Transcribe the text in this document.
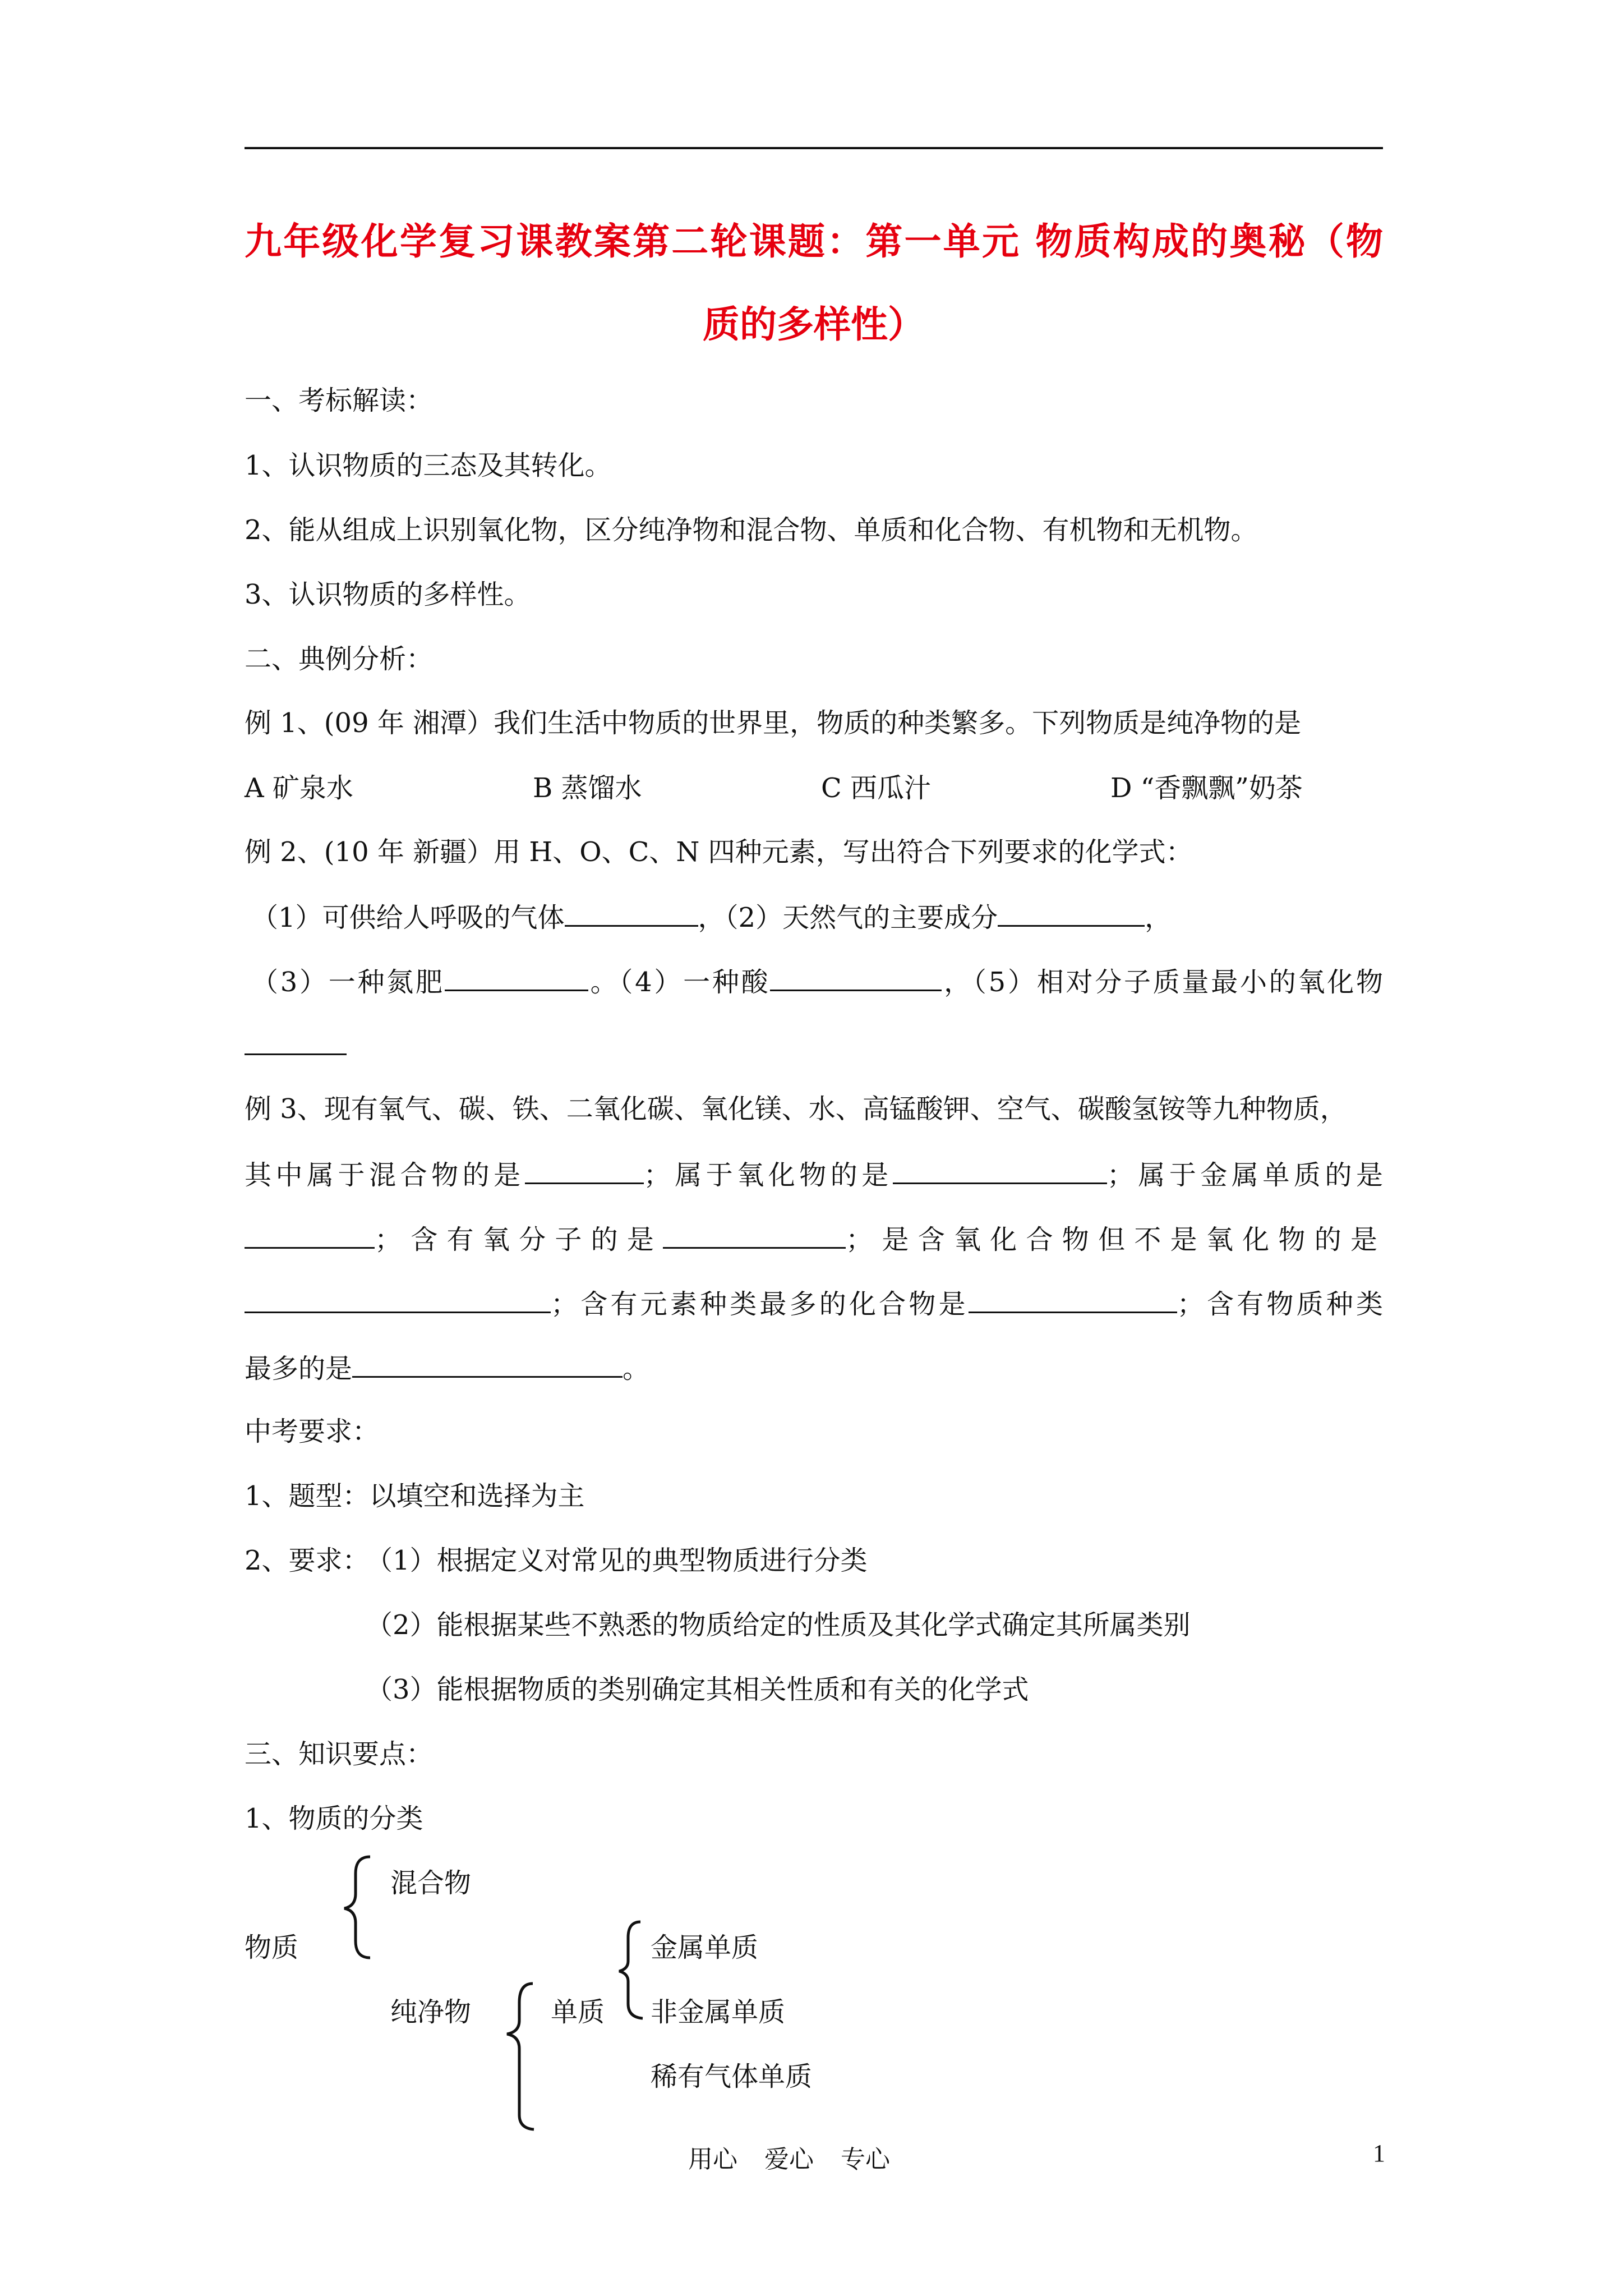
九年级化学复习课教案第二轮课题：第一单元 物质构成的奥秘（物
质的多样性）
一、考标解读：
1、认识物质的三态及其转化。
2、能从组成上识别氧化物，区分纯净物和混合物、单质和化合物、有机物和无机物。
3、认识物质的多样性。
二、典例分析：
例 1、(09 年 湘潭）我们生活中物质的世界里，物质的种类繁多。下列物质是纯净物的是
A 矿泉水	B 蒸馏水	C 西瓜汁	D “香飘飘”奶茶
例 2、(10 年 新疆）用 H、O、C、N 四种元素，写出符合下列要求的化学式：
（1）可供给人呼吸的气体	，（2）天然气的主要成分	，
（3）一种氮肥	。（4）一种酸	，（5）相对分子质量最小的氧化物
例 3、现有氧气、碳、铁、二氧化碳、氧化镁、水、高锰酸钾、空气、碳酸氢铵等九种物质，
其中属于混合物的是	；属于氧化物的是	；属于金属单质的是
；含有氧分子的是	；是含氧化合物但不是氧化物的是
；含有元素种类最多的化合物是	；含有物质种类
最多的是	。
中考要求：
1、题型：以填空和选择为主
2、要求：
（1）根据定义对常见的典型物质进行分类
（2）能根据某些不熟悉的物质给定的性质及其化学式确定其所属类别
（3）能根据物质的类别确定其相关性质和有关的化学式
三、知识要点：
1、物质的分类
混合物
物质	金属单质
纯净物	单质 非金属单质
稀有气体单质
用心 爱心 专心	1
